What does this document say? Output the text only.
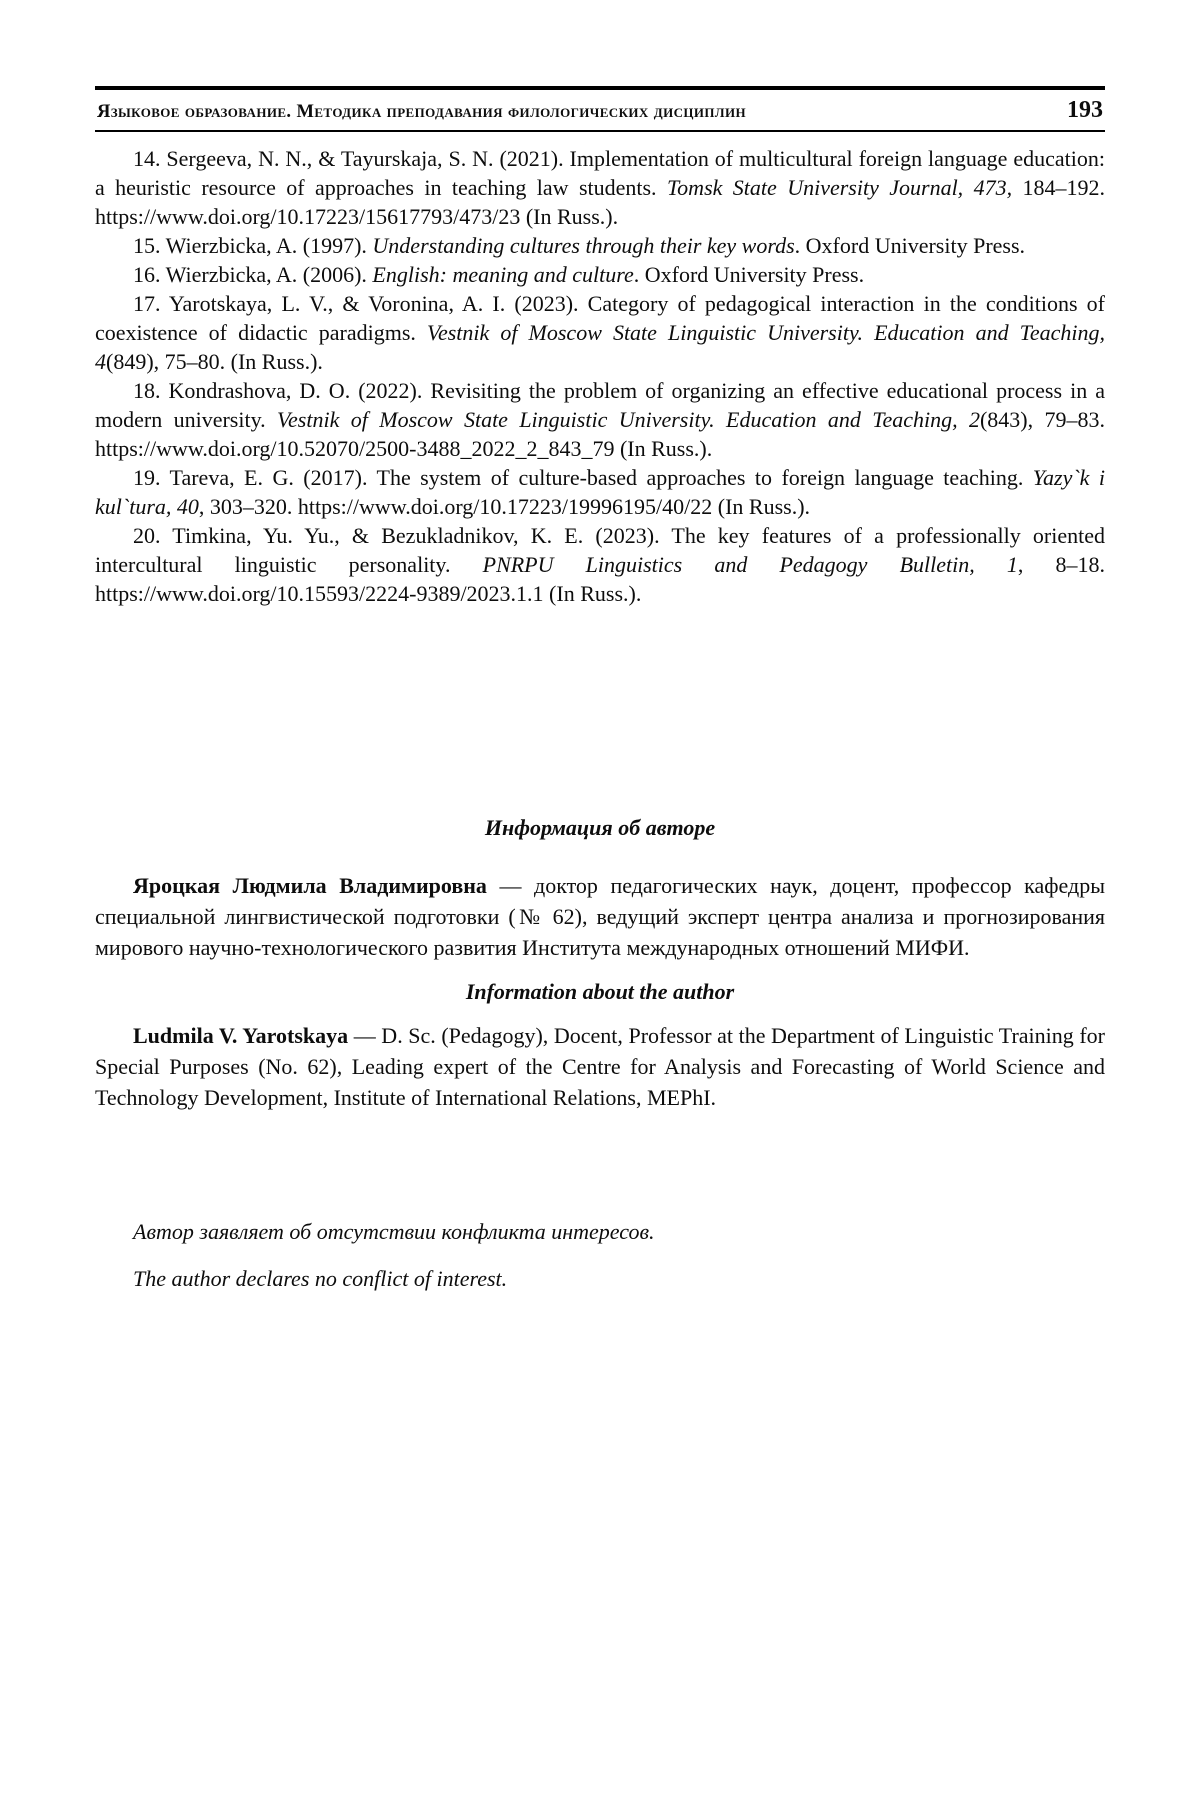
Языковое образование. Методика преподавания филологических дисциплин	193

14. Sergeeva, N. N., & Tayurskaja, S. N. (2021). Implementation of multicultural foreign language education: a heuristic resource of approaches in teaching law students. Tomsk State University Journal, 473, 184–192. https://www.doi.org/10.17223/15617793/473/23 (In Russ.).

15. Wierzbicka, A. (1997). Understanding cultures through their key words. Oxford University Press.

16. Wierzbicka, A. (2006). English: meaning and culture. Oxford University Press.

17. Yarotskaya, L. V., & Voronina, A. I. (2023). Category of pedagogical interaction in the conditions of coexistence of didactic paradigms. Vestnik of Moscow State Linguistic University. Education and Teaching, 4(849), 75–80. (In Russ.).

18. Kondrashova, D. O. (2022). Revisiting the problem of organizing an effective educational process in a modern university. Vestnik of Moscow State Linguistic University. Education and Teaching, 2(843), 79–83. https://www.doi.org/10.52070/2500-3488_2022_2_843_79 (In Russ.).

19. Tareva, E. G. (2017). The system of culture-based approaches to foreign language teaching. Yazy`k i kul`tura, 40, 303–320. https://www.doi.org/10.17223/19996195/40/22 (In Russ.).

20. Timkina, Yu. Yu., & Bezukladnikov, K. E. (2023). The key features of a professionally oriented intercultural linguistic personality. PNRPU Linguistics and Pedagogy Bulletin, 1, 8–18. https://www.doi.org/10.15593/2224-9389/2023.1.1 (In Russ.).

Информация об авторе

Яроцкая Людмила Владимировна — доктор педагогических наук, доцент, профессор кафедры специальной лингвистической подготовки (№ 62), ведущий эксперт центра анализа и прогнозирования мирового научно-технологического развития Института международных отношений МИФИ.

Information about the author

Ludmila V. Yarotskaya — D. Sc. (Pedagogy), Docent, Professor at the Department of Linguistic Training for Special Purposes (No. 62), Leading expert of the Centre for Analysis and Forecasting of World Science and Technology Development, Institute of International Relations, MEPhI.

Автор заявляет об отсутствии конфликта интересов.

The author declares no conflict of interest.
